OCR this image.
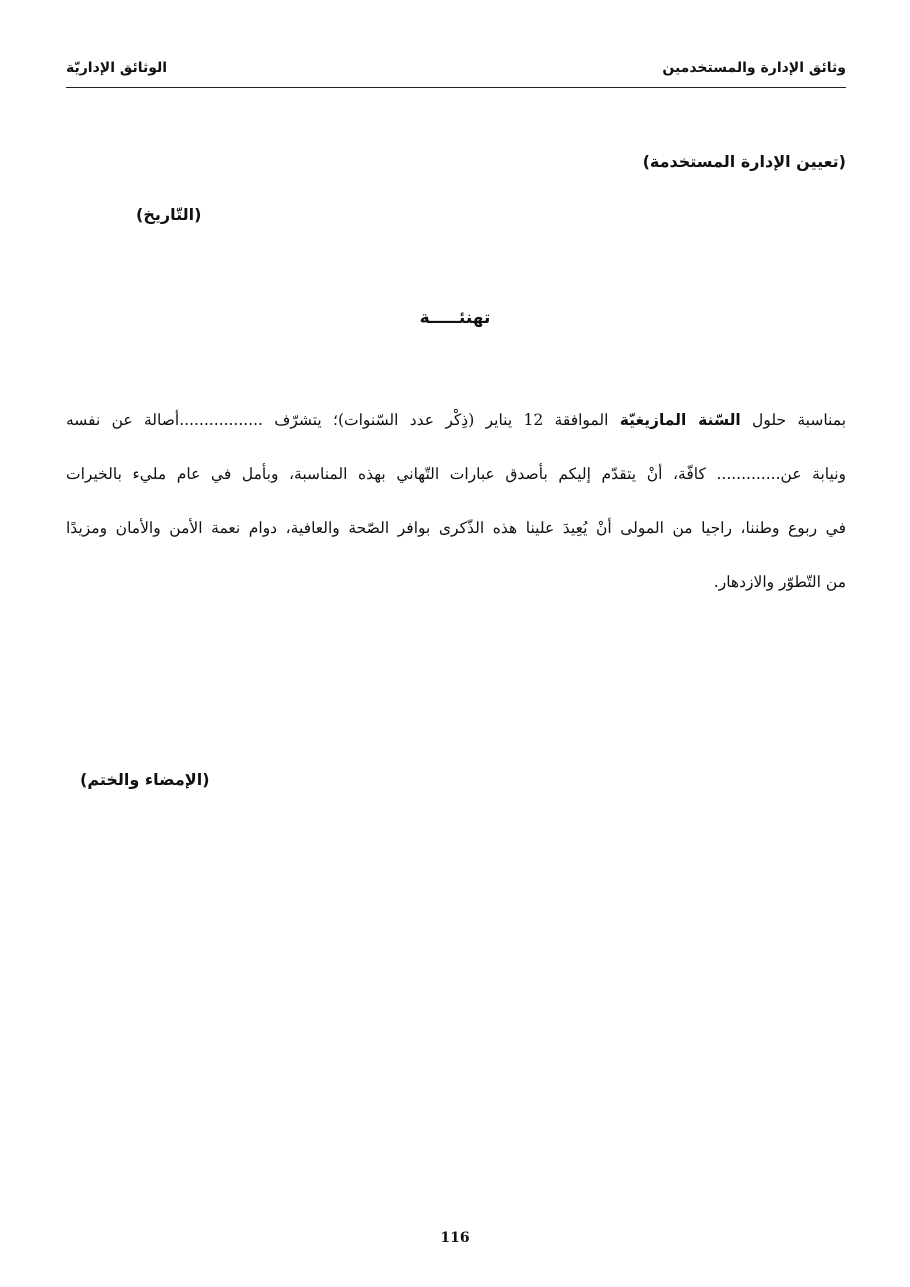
وثائق الإدارة والمستخدمين
الوثائق الإداريّة
(تعيين الإدارة المستخدمة)
(التّاريخ)
تهنئـــــة
بمناسبة حلول السّنة المازيغيّة الموافقة 12 يناير (ذِكْر عدد السّنوات)؛ يتشرّف .................أصالة عن نفسه
ونيابة عن............. كافّة، أنْ يتقدّم إليكم بأصدق عبارات التّهاني بهذه المناسبة، وبأمل في عام مليء بالخيرات
في ربوع وطننا، راجيا من المولى أنْ يُعِيدَ علينا هذه الذّكرى بوافر الصّحة والعافية، دوام نعمة الأمن والأمان ومزيدًا
من التّطوّر والازدهار.
(الإمضاء والختم)
116
